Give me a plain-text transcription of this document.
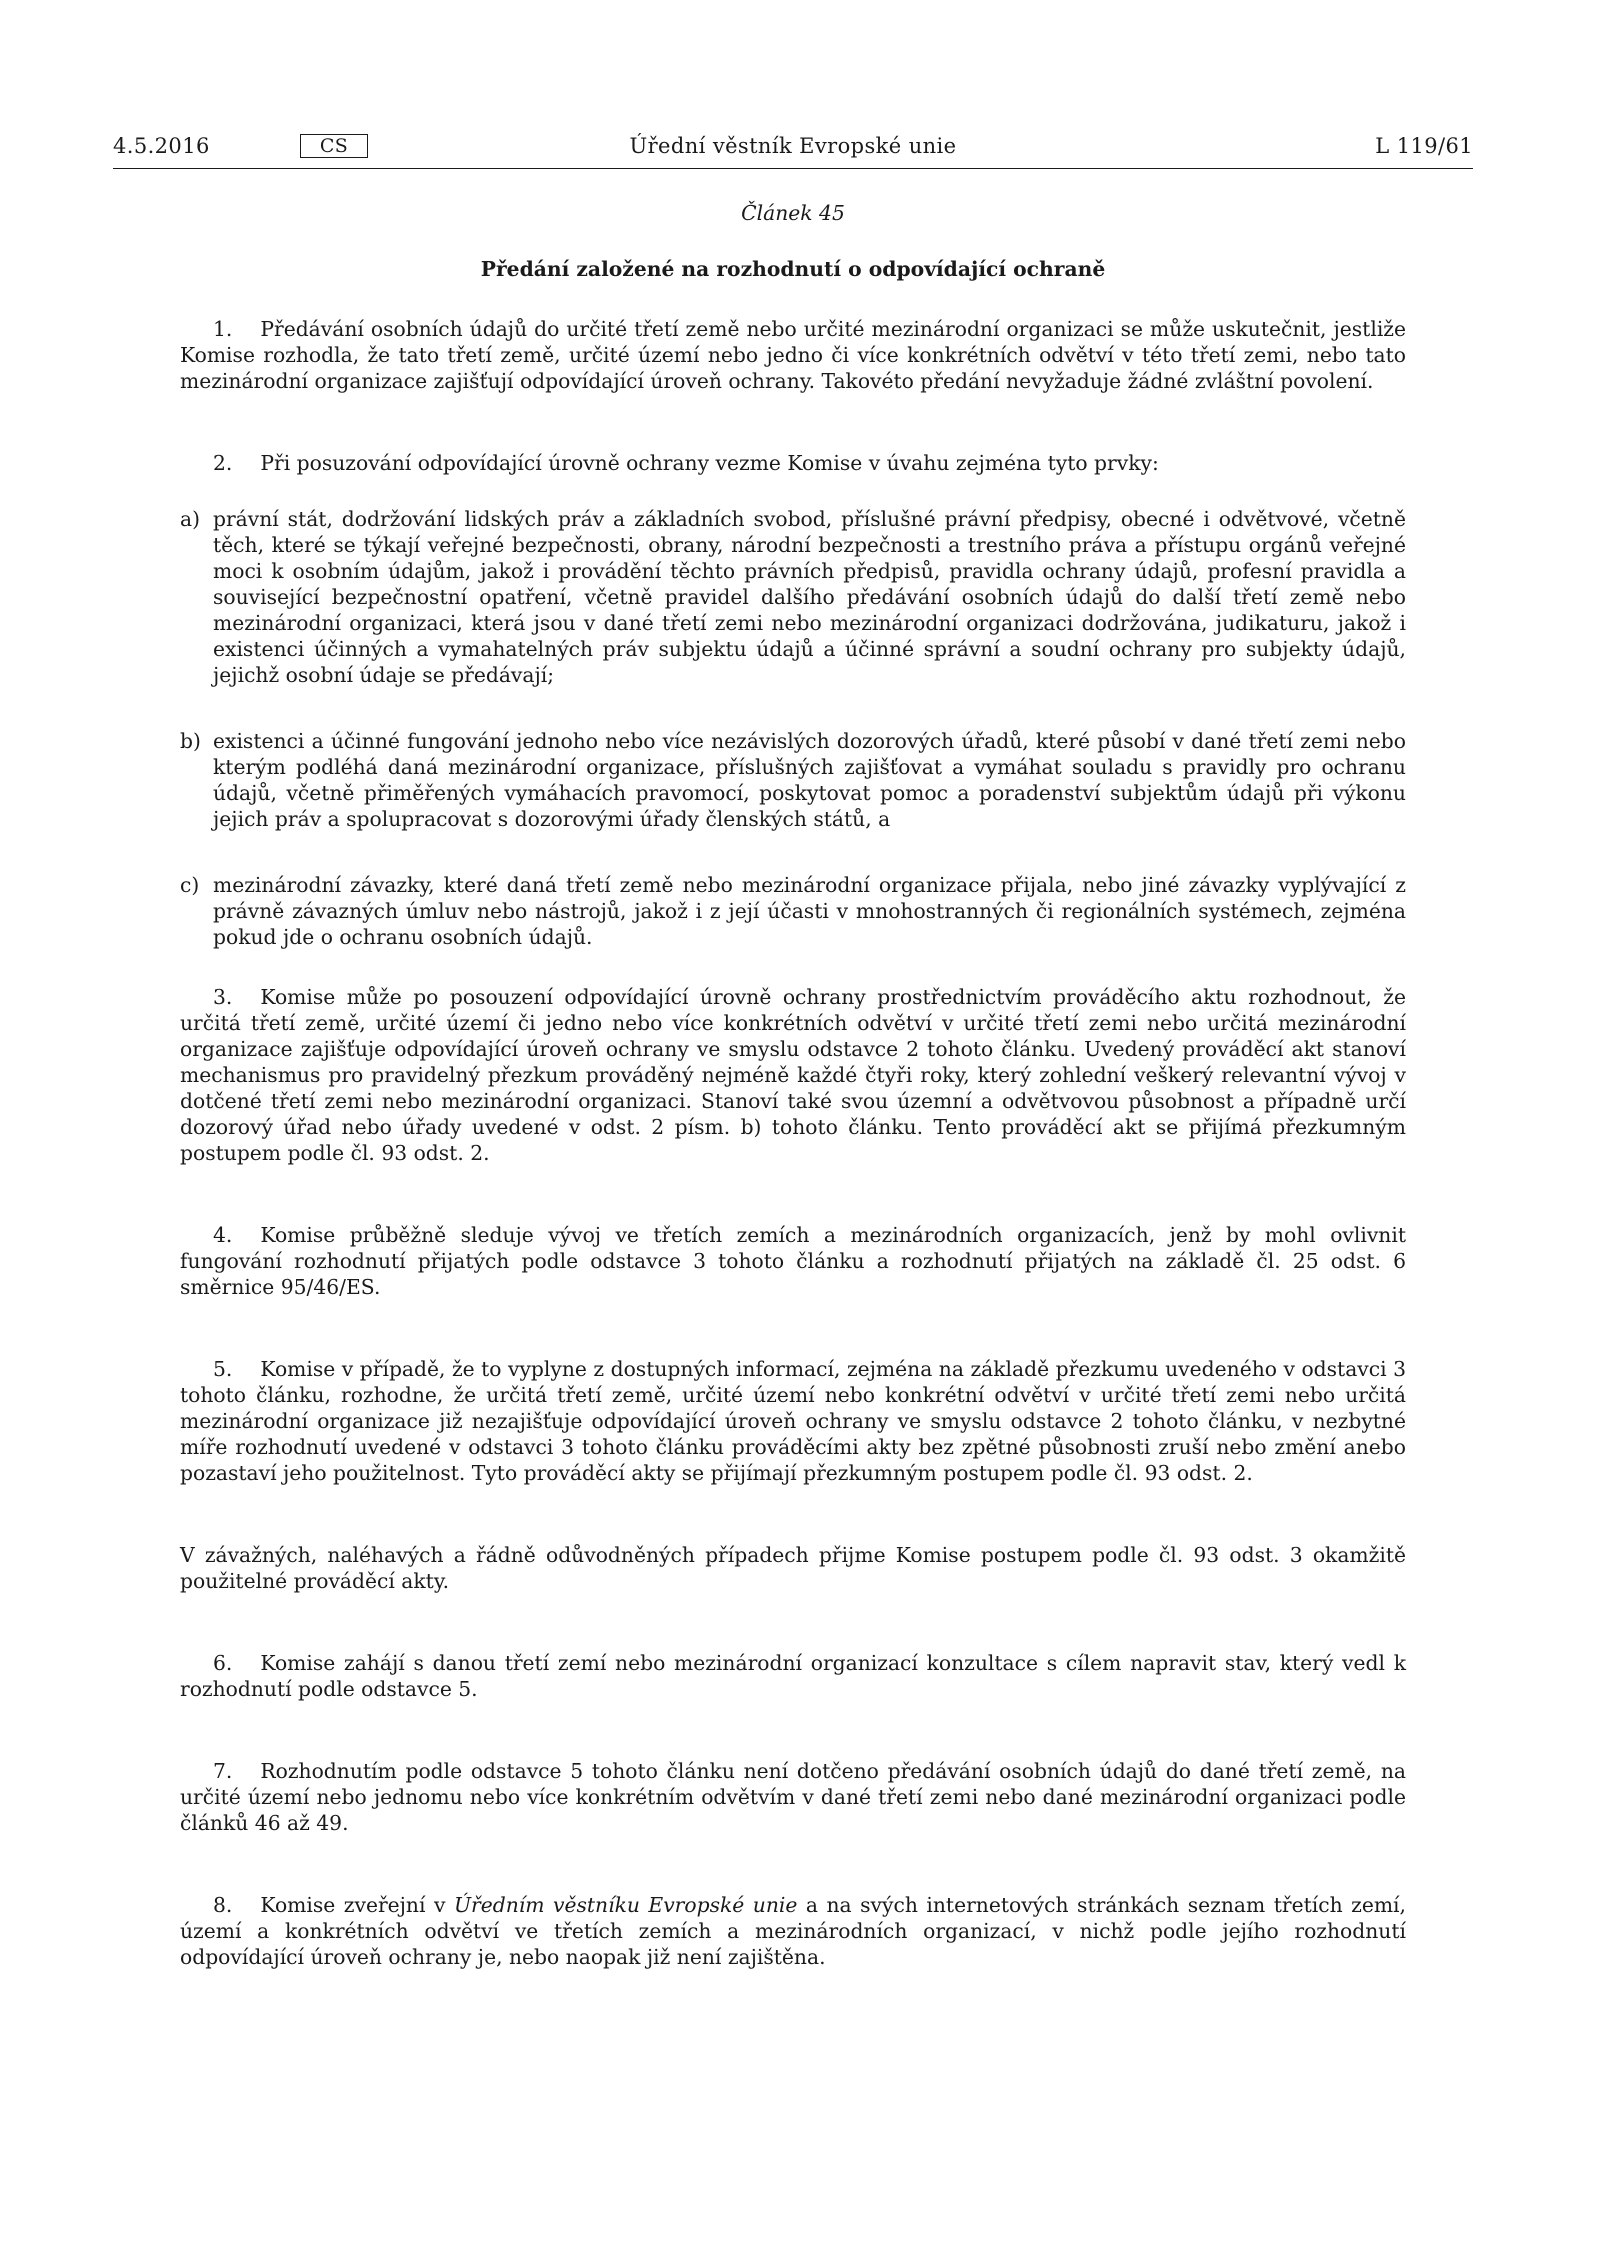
4.5.2016	CS	Úřední věstník Evropské unie	L 119/61

Článek 45

Předání založené na rozhodnutí o odpovídající ochraně

1. Předávání osobních údajů do určité třetí země nebo určité mezinárodní organizaci se může uskutečnit, jestliže Komise rozhodla, že tato třetí země, určité území nebo jedno či více konkrétních odvětví v této třetí zemi, nebo tato mezinárodní organizace zajišťují odpovídající úroveň ochrany. Takovéto předání nevyžaduje žádné zvláštní povolení.

2. Při posuzování odpovídající úrovně ochrany vezme Komise v úvahu zejména tyto prvky:

a) právní stát, dodržování lidských práv a základních svobod, příslušné právní předpisy, obecné i odvětvové, včetně těch, které se týkají veřejné bezpečnosti, obrany, národní bezpečnosti a trestního práva a přístupu orgánů veřejné moci k osobním údajům, jakož i provádění těchto právních předpisů, pravidla ochrany údajů, profesní pravidla a související bezpečnostní opatření, včetně pravidel dalšího předávání osobních údajů do další třetí země nebo mezinárodní organizaci, která jsou v dané třetí zemi nebo mezinárodní organizaci dodržována, judikaturu, jakož i existenci účinných a vymahatelných práv subjektu údajů a účinné správní a soudní ochrany pro subjekty údajů, jejichž osobní údaje se předávají;

b) existenci a účinné fungování jednoho nebo více nezávislých dozorových úřadů, které působí v dané třetí zemi nebo kterým podléhá daná mezinárodní organizace, příslušných zajišťovat a vymáhat souladu s pravidly pro ochranu údajů, včetně přiměřených vymáhacích pravomocí, poskytovat pomoc a poradenství subjektům údajů při výkonu jejich práv a spolupracovat s dozorovými úřady členských států, a

c) mezinárodní závazky, které daná třetí země nebo mezinárodní organizace přijala, nebo jiné závazky vyplývající z právně závazných úmluv nebo nástrojů, jakož i z její účasti v mnohostranných či regionálních systémech, zejména pokud jde o ochranu osobních údajů.

3. Komise může po posouzení odpovídající úrovně ochrany prostřednictvím prováděcího aktu rozhodnout, že určitá třetí země, určité území či jedno nebo více konkrétních odvětví v určité třetí zemi nebo určitá mezinárodní organizace zajišťuje odpovídající úroveň ochrany ve smyslu odstavce 2 tohoto článku. Uvedený prováděcí akt stanoví mechanismus pro pravidelný přezkum prováděný nejméně každé čtyři roky, který zohlední veškerý relevantní vývoj v dotčené třetí zemi nebo mezinárodní organizaci. Stanoví také svou územní a odvětvovou působnost a případně určí dozorový úřad nebo úřady uvedené v odst. 2 písm. b) tohoto článku. Tento prováděcí akt se přijímá přezkumným postupem podle čl. 93 odst. 2.

4. Komise průběžně sleduje vývoj ve třetích zemích a mezinárodních organizacích, jenž by mohl ovlivnit fungování rozhodnutí přijatých podle odstavce 3 tohoto článku a rozhodnutí přijatých na základě čl. 25 odst. 6 směrnice 95/46/ES.

5. Komise v případě, že to vyplyne z dostupných informací, zejména na základě přezkumu uvedeného v odstavci 3 tohoto článku, rozhodne, že určitá třetí země, určité území nebo konkrétní odvětví v určité třetí zemi nebo určitá mezinárodní organizace již nezajišťuje odpovídající úroveň ochrany ve smyslu odstavce 2 tohoto článku, v nezbytné míře rozhodnutí uvedené v odstavci 3 tohoto článku prováděcími akty bez zpětné působnosti zruší nebo změní anebo pozastaví jeho použitelnost. Tyto prováděcí akty se přijímají přezkumným postupem podle čl. 93 odst. 2.

V závažných, naléhavých a řádně odůvodněných případech přijme Komise postupem podle čl. 93 odst. 3 okamžitě použitelné prováděcí akty.

6. Komise zahájí s danou třetí zemí nebo mezinárodní organizací konzultace s cílem napravit stav, který vedl k rozhodnutí podle odstavce 5.

7. Rozhodnutím podle odstavce 5 tohoto článku není dotčeno předávání osobních údajů do dané třetí země, na určité území nebo jednomu nebo více konkrétním odvětvím v dané třetí zemi nebo dané mezinárodní organizaci podle článků 46 až 49.

8. Komise zveřejní v Úředním věstníku Evropské unie a na svých internetových stránkách seznam třetích zemí, území a konkrétních odvětví ve třetích zemích a mezinárodních organizací, v nichž podle jejího rozhodnutí odpovídající úroveň ochrany je, nebo naopak již není zajištěna.
